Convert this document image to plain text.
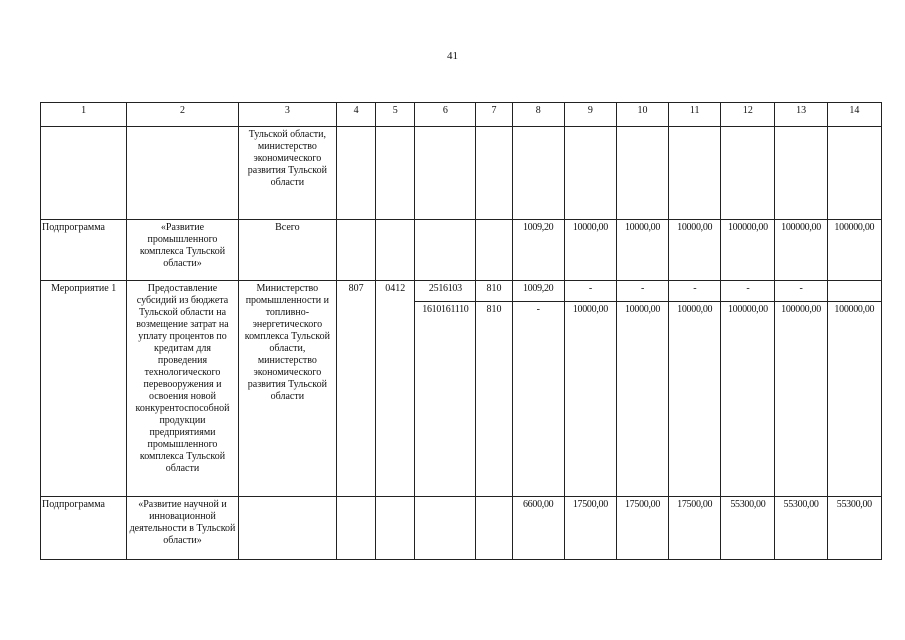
41
1	2	3	4	5	6	7	8	9	10	11	12	13	14
		Тульской области, министерство экономического развития Тульской области											
Подпрограмма	«Развитие промышленного комплекса Тульской области»	Всего					1009,20	10000,00	10000,00	10000,00	100000,00	100000,00	100000,00
Мероприятие 1	Предоставление субсидий из бюджета Тульской области на возмещение затрат на уплату процентов по кредитам для проведения технологического перевооружения и освоения новой конкурентоспособной продукции предприятиями промышленного комплекса Тульской области	Министерство промышленности и топливно-энергетического комплекса Тульской области, министерство экономического развития Тульской области	807	0412	2516103	810	1009,20	-	-	-	-	-	
					1610161110	810	-	10000,00	10000,00	10000,00	100000,00	100000,00	100000,00
Подпрограмма	«Развитие научной и инновационной деятельности в Тульской области»						6600,00	17500,00	17500,00	17500,00	55300,00	55300,00	55300,00
